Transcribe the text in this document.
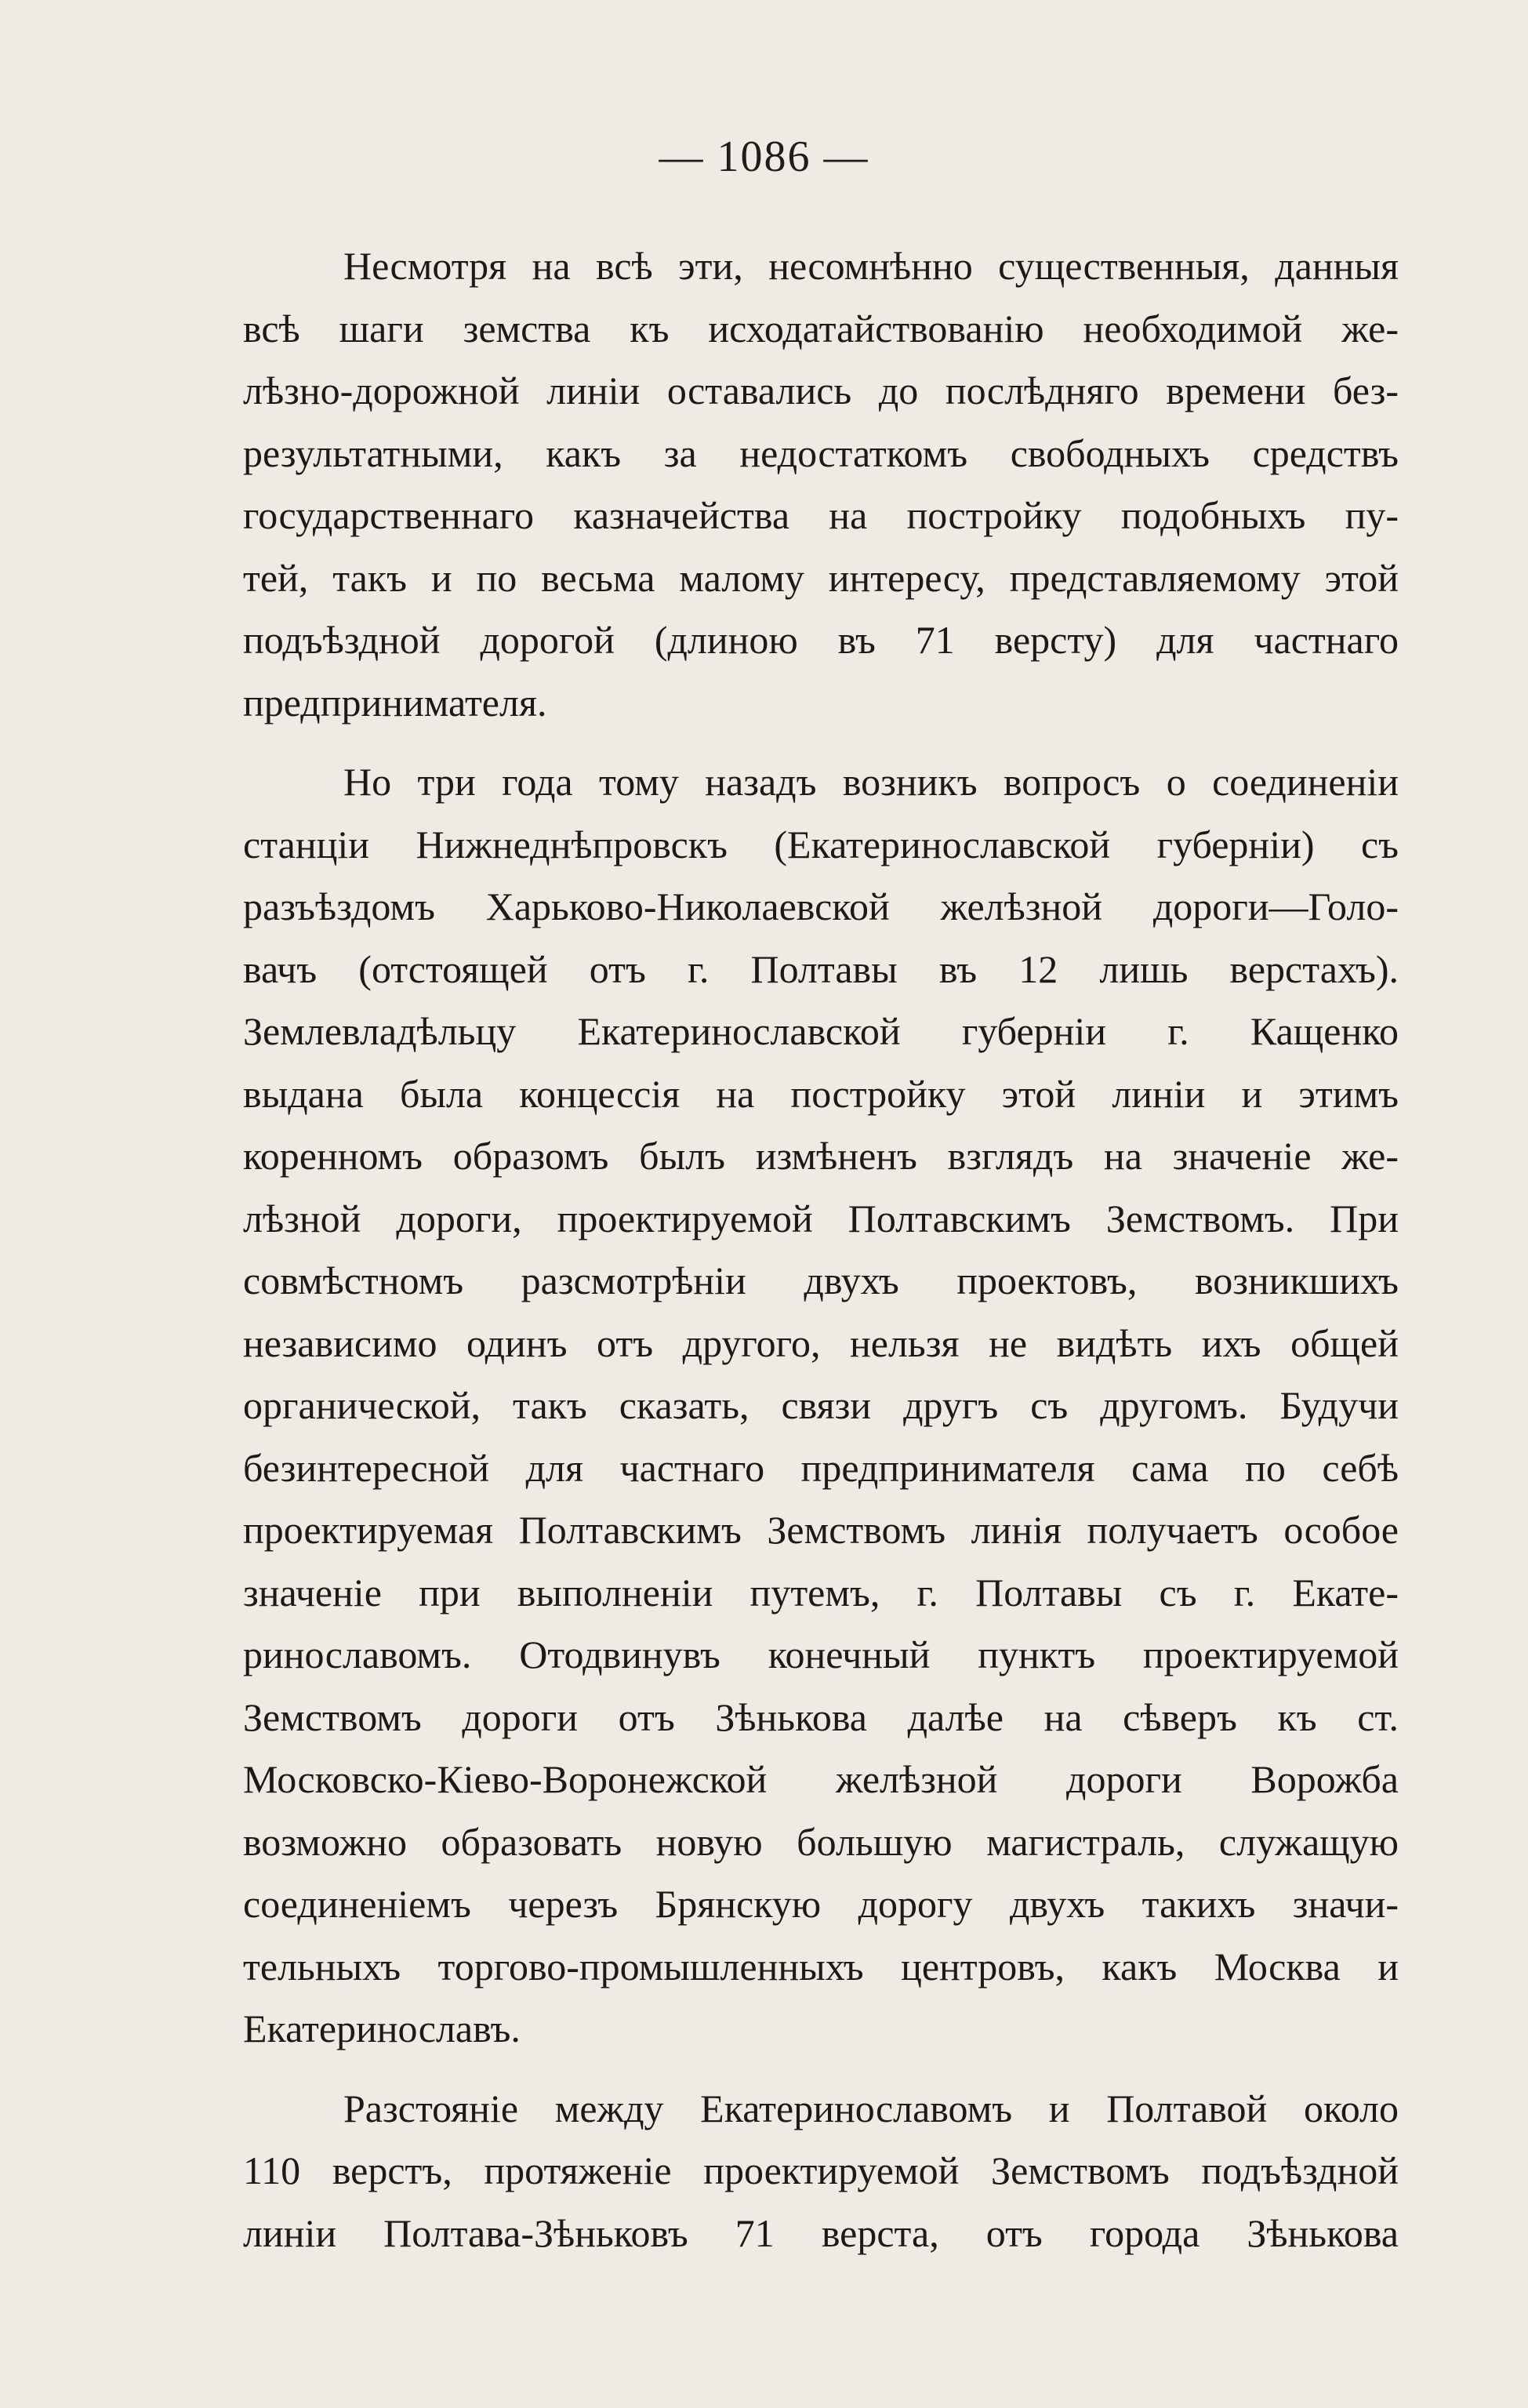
— 1086 —
Несмотря на всѣ эти, несомнѣнно существенныя, данныя
всѣ шаги земства къ исходатайствованію необходимой же-
лѣзно-дорожной линіи оставались до послѣдняго времени без-
результатными, какъ за недостаткомъ свободныхъ средствъ
государственнаго казначейства на постройку подобныхъ пу-
тей, такъ и по весьма малому интересу, представляемому этой
подъѣздной дорогой (длиною въ 71 версту) для частнаго
предпринимателя.
Но три года тому назадъ возникъ вопросъ о соединеніи
станціи Нижнеднѣпровскъ (Екатеринославской губерніи) съ
разъѣздомъ Харьково-Николаевской желѣзной дороги—Голо-
вачъ (отстоящей отъ г. Полтавы въ 12 лишь верстахъ).
Землевладѣльцу Екатеринославской губерніи г. Кащенко
выдана была концессія на постройку этой линіи и этимъ
коренномъ образомъ былъ измѣненъ взглядъ на значеніе же-
лѣзной дороги, проектируемой Полтавскимъ Земствомъ. При
совмѣстномъ разсмотрѣніи двухъ проектовъ, возникшихъ
независимо одинъ отъ другого, нельзя не видѣть ихъ общей
органической, такъ сказать, связи другъ съ другомъ. Будучи
безинтересной для частнаго предпринимателя сама по себѣ
проектируемая Полтавскимъ Земствомъ линія получаетъ особое
значеніе при выполненіи путемъ, г. Полтавы съ г. Екате-
ринославомъ. Отодвинувъ конечный пунктъ проектируемой
Земствомъ дороги отъ Зѣнькова далѣе на сѣверъ къ ст.
Московско-Кіево-Воронежской желѣзной дороги Ворожба
возможно образовать новую большую магистраль, служащую
соединеніемъ черезъ Брянскую дорогу двухъ такихъ значи-
тельныхъ торгово-промышленныхъ центровъ, какъ Москва и
Екатеринославъ.
Разстояніе между Екатеринославомъ и Полтавой около
110 верстъ, протяженіе проектируемой Земствомъ подъѣздной
линіи Полтава-Зѣньковъ 71 верста, отъ города Зѣнькова
